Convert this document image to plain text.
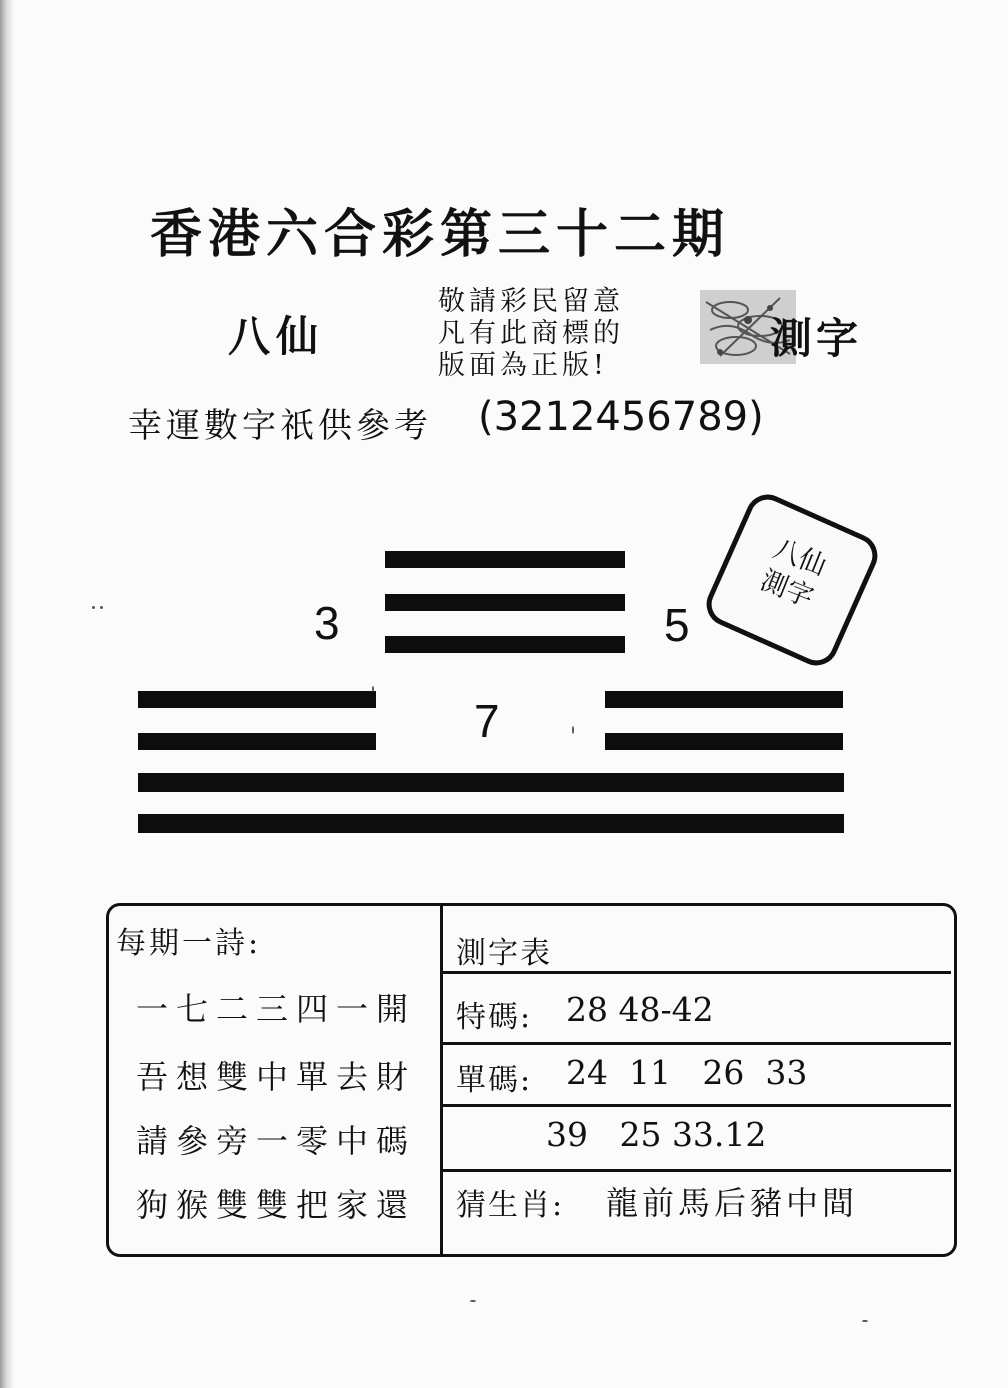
香港六合彩第三十二期
八仙
敬請彩民留意
凡有此商標的
版面為正版!
測字
幸運數字祇供參考 (3212456789)
3	5
八仙
測字
7
每期一詩:
一七二三四一開
吾想雙中單去財
請參旁一零中碼
狗猴雙雙把家還
測字表
特碼: 28 48-42
單碼: 24  11   26  33
39   25 33.12
猜生肖: 龍前馬后豬中間
